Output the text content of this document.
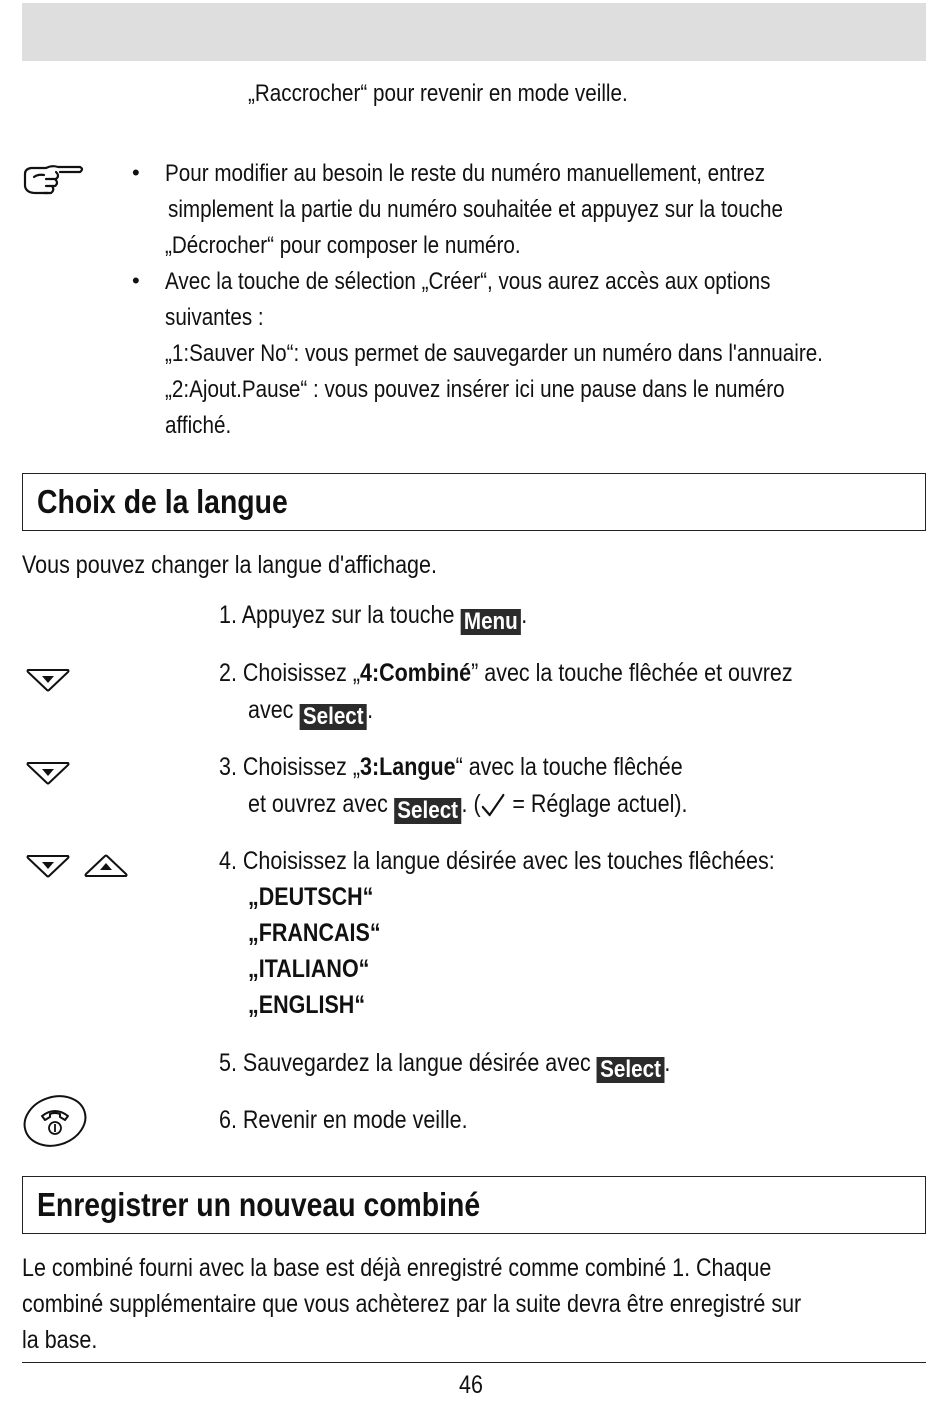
„Raccrocher“ pour revenir en mode veille.
• Pour modifier au besoin le reste du numéro manuellement, entrez
simplement la partie du numéro souhaitée et appuyez sur la touche
„Décrocher“ pour composer le numéro.
• Avec la touche de sélection „Créer“, vous aurez accès aux options
suivantes :
„1:Sauver No“: vous permet de sauvegarder un numéro dans l'annuaire.
„2:Ajout.Pause“ : vous pouvez insérer ici une pause dans le numéro
affiché.
Choix de la langue
Vous pouvez changer la langue d'affichage.
1. Appuyez sur la touche Menu .
2. Choisissez „4:Combiné” avec la touche flêchée et ouvrez
avec Select .
3. Choisissez „3:Langue“ avec la touche flêchée
et ouvrez avec Select . ( = Réglage actuel).
4. Choisissez la langue désirée avec les touches flêchées:
„DEUTSCH“
„FRANCAIS“
„ITALIANO“
„ENGLISH“
5. Sauvegardez la langue désirée avec Select .
6. Revenir en mode veille.
Enregistrer un nouveau combiné
Le combiné fourni avec la base est déjà enregistré comme combiné 1. Chaque
combiné supplémentaire que vous achèterez par la suite devra être enregistré sur
la base.
46
